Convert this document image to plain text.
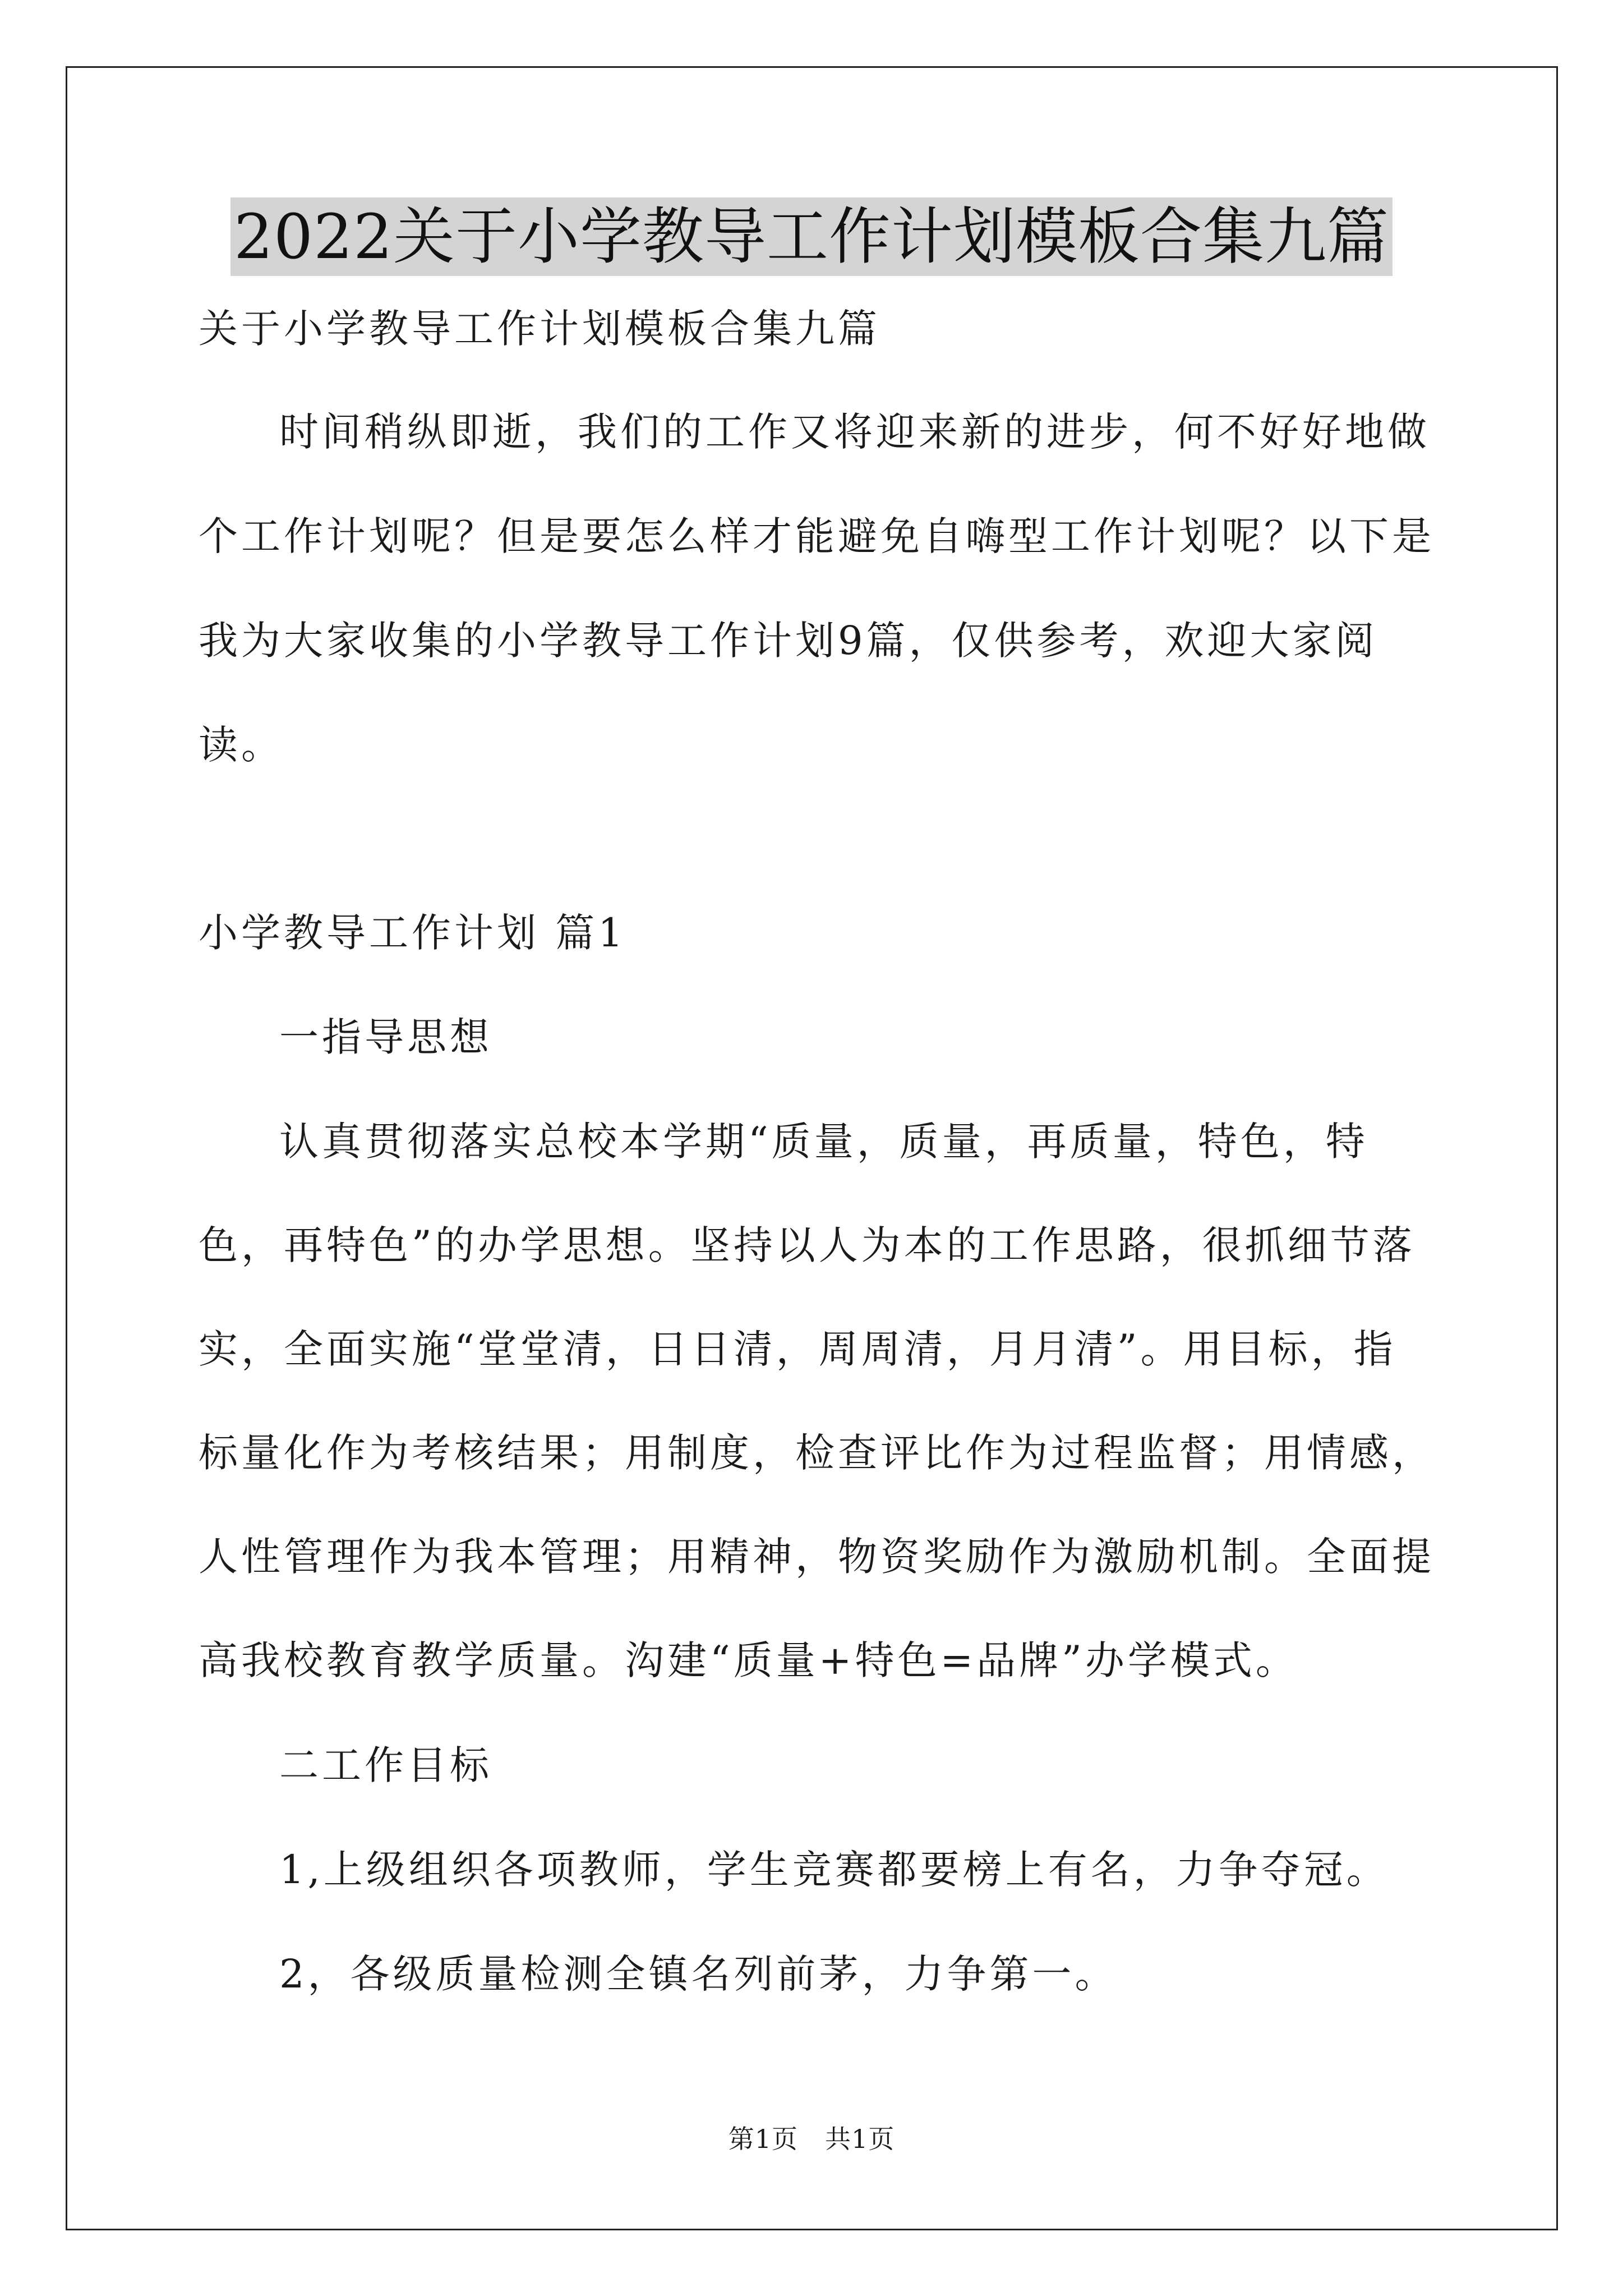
2022关于小学教导工作计划模板合集九篇

关于小学教导工作计划模板合集九篇

时间稍纵即逝，我们的工作又将迎来新的进步，何不好好地做个工作计划呢？但是要怎么样才能避免自嗨型工作计划呢？以下是我为大家收集的小学教导工作计划9篇，仅供参考，欢迎大家阅读。

小学教导工作计划 篇1

一指导思想

认真贯彻落实总校本学期“质量，质量，再质量，特色，特色，再特色”的办学思想。坚持以人为本的工作思路，很抓细节落实，全面实施“堂堂清，日日清，周周清，月月清”。用目标，指标量化作为考核结果；用制度，检查评比作为过程监督；用情感，人性管理作为我本管理；用精神，物资奖励作为激励机制。全面提高我校教育教学质量。沟建“质量+特色=品牌”办学模式。

二工作目标

1,上级组织各项教师，学生竞赛都要榜上有名，力争夺冠。

2，各级质量检测全镇名列前茅，力争第一。

第1页 共1页
